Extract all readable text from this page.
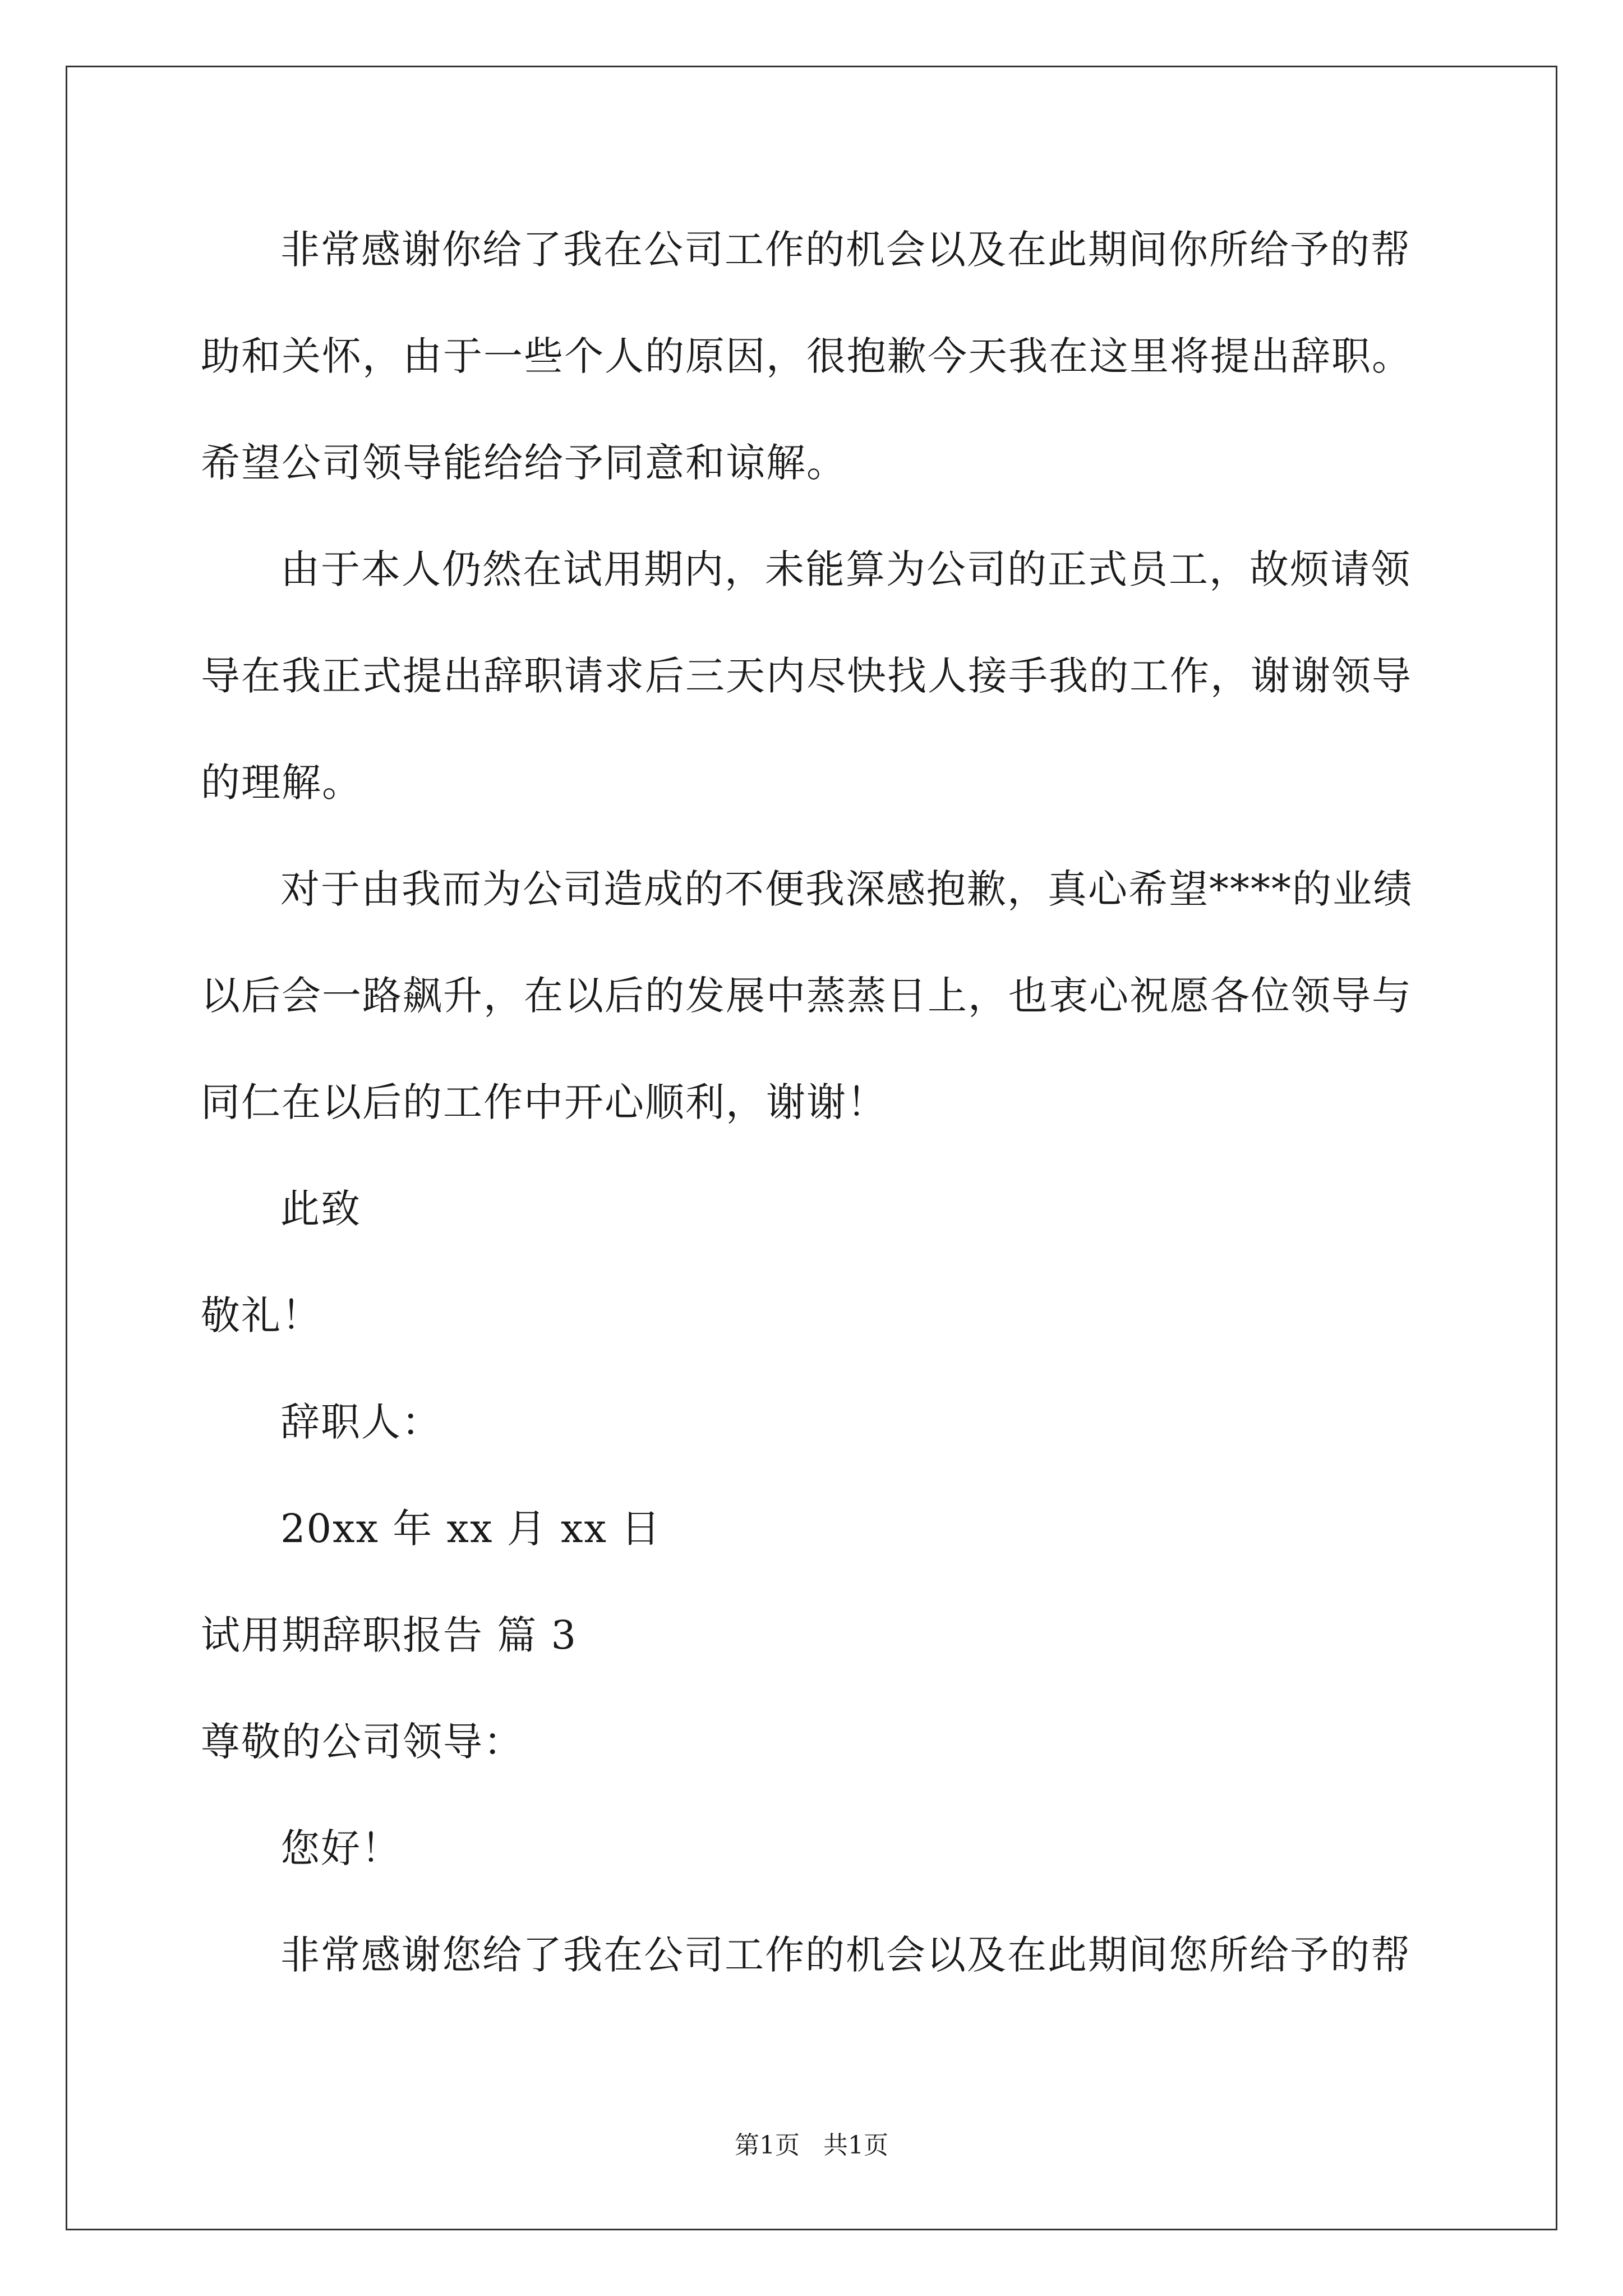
非常感谢你给了我在公司工作的机会以及在此期间你所给予的帮
助和关怀，由于一些个人的原因，很抱歉今天我在这里将提出辞职。
希望公司领导能给给予同意和谅解。
由于本人仍然在试用期内，未能算为公司的正式员工，故烦请领
导在我正式提出辞职请求后三天内尽快找人接手我的工作，谢谢领导
的理解。
对于由我而为公司造成的不便我深感抱歉，真心希望****的业绩
以后会一路飙升，在以后的发展中蒸蒸日上，也衷心祝愿各位领导与
同仁在以后的工作中开心顺利，谢谢！
此致
敬礼！
辞职人：
20xx 年 xx 月 xx 日
试用期辞职报告 篇 3
尊敬的公司领导：
您好！
非常感谢您给了我在公司工作的机会以及在此期间您所给予的帮
第1页   共1页
